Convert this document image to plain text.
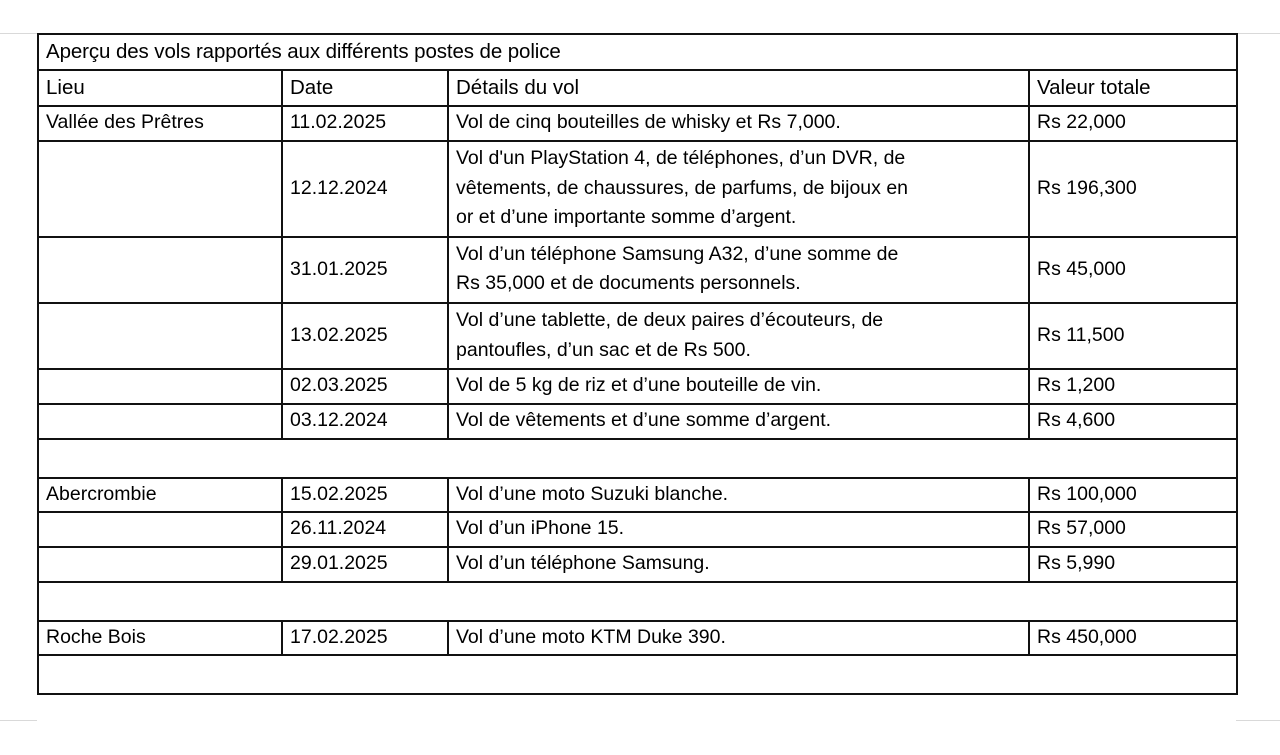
Aperçu des vols rapportés aux différents postes de police			
Lieu	Date	Détails du vol	Valeur totale
Vallée des Prêtres	11.02.2025	Vol de cinq bouteilles de whisky et Rs 7,000.	Rs 22,000
	12.12.2024	Vol d'un PlayStation 4, de téléphones, d’un DVR, de
vêtements, de chaussures, de parfums, de bijoux en
or et d’une importante somme d’argent.	Rs 196,300
	31.01.2025	Vol d’un téléphone Samsung A32, d’une somme de
Rs 35,000 et de documents personnels.	Rs 45,000
	13.02.2025	Vol d’une tablette, de deux paires d’écouteurs, de
pantoufles, d’un sac et de Rs 500.	Rs 11,500
	02.03.2025	Vol de 5 kg de riz et d’une bouteille de vin.	Rs 1,200
	03.12.2024	Vol de vêtements et d’une somme d’argent.	Rs 4,600

Abercrombie	15.02.2025	Vol d’une moto Suzuki blanche.	Rs 100,000
	26.11.2024	Vol d’un iPhone 15.	Rs 57,000
	29.01.2025	Vol d’un téléphone Samsung.	Rs 5,990

Roche Bois	17.02.2025	Vol d’une moto KTM Duke 390.	Rs 450,000
